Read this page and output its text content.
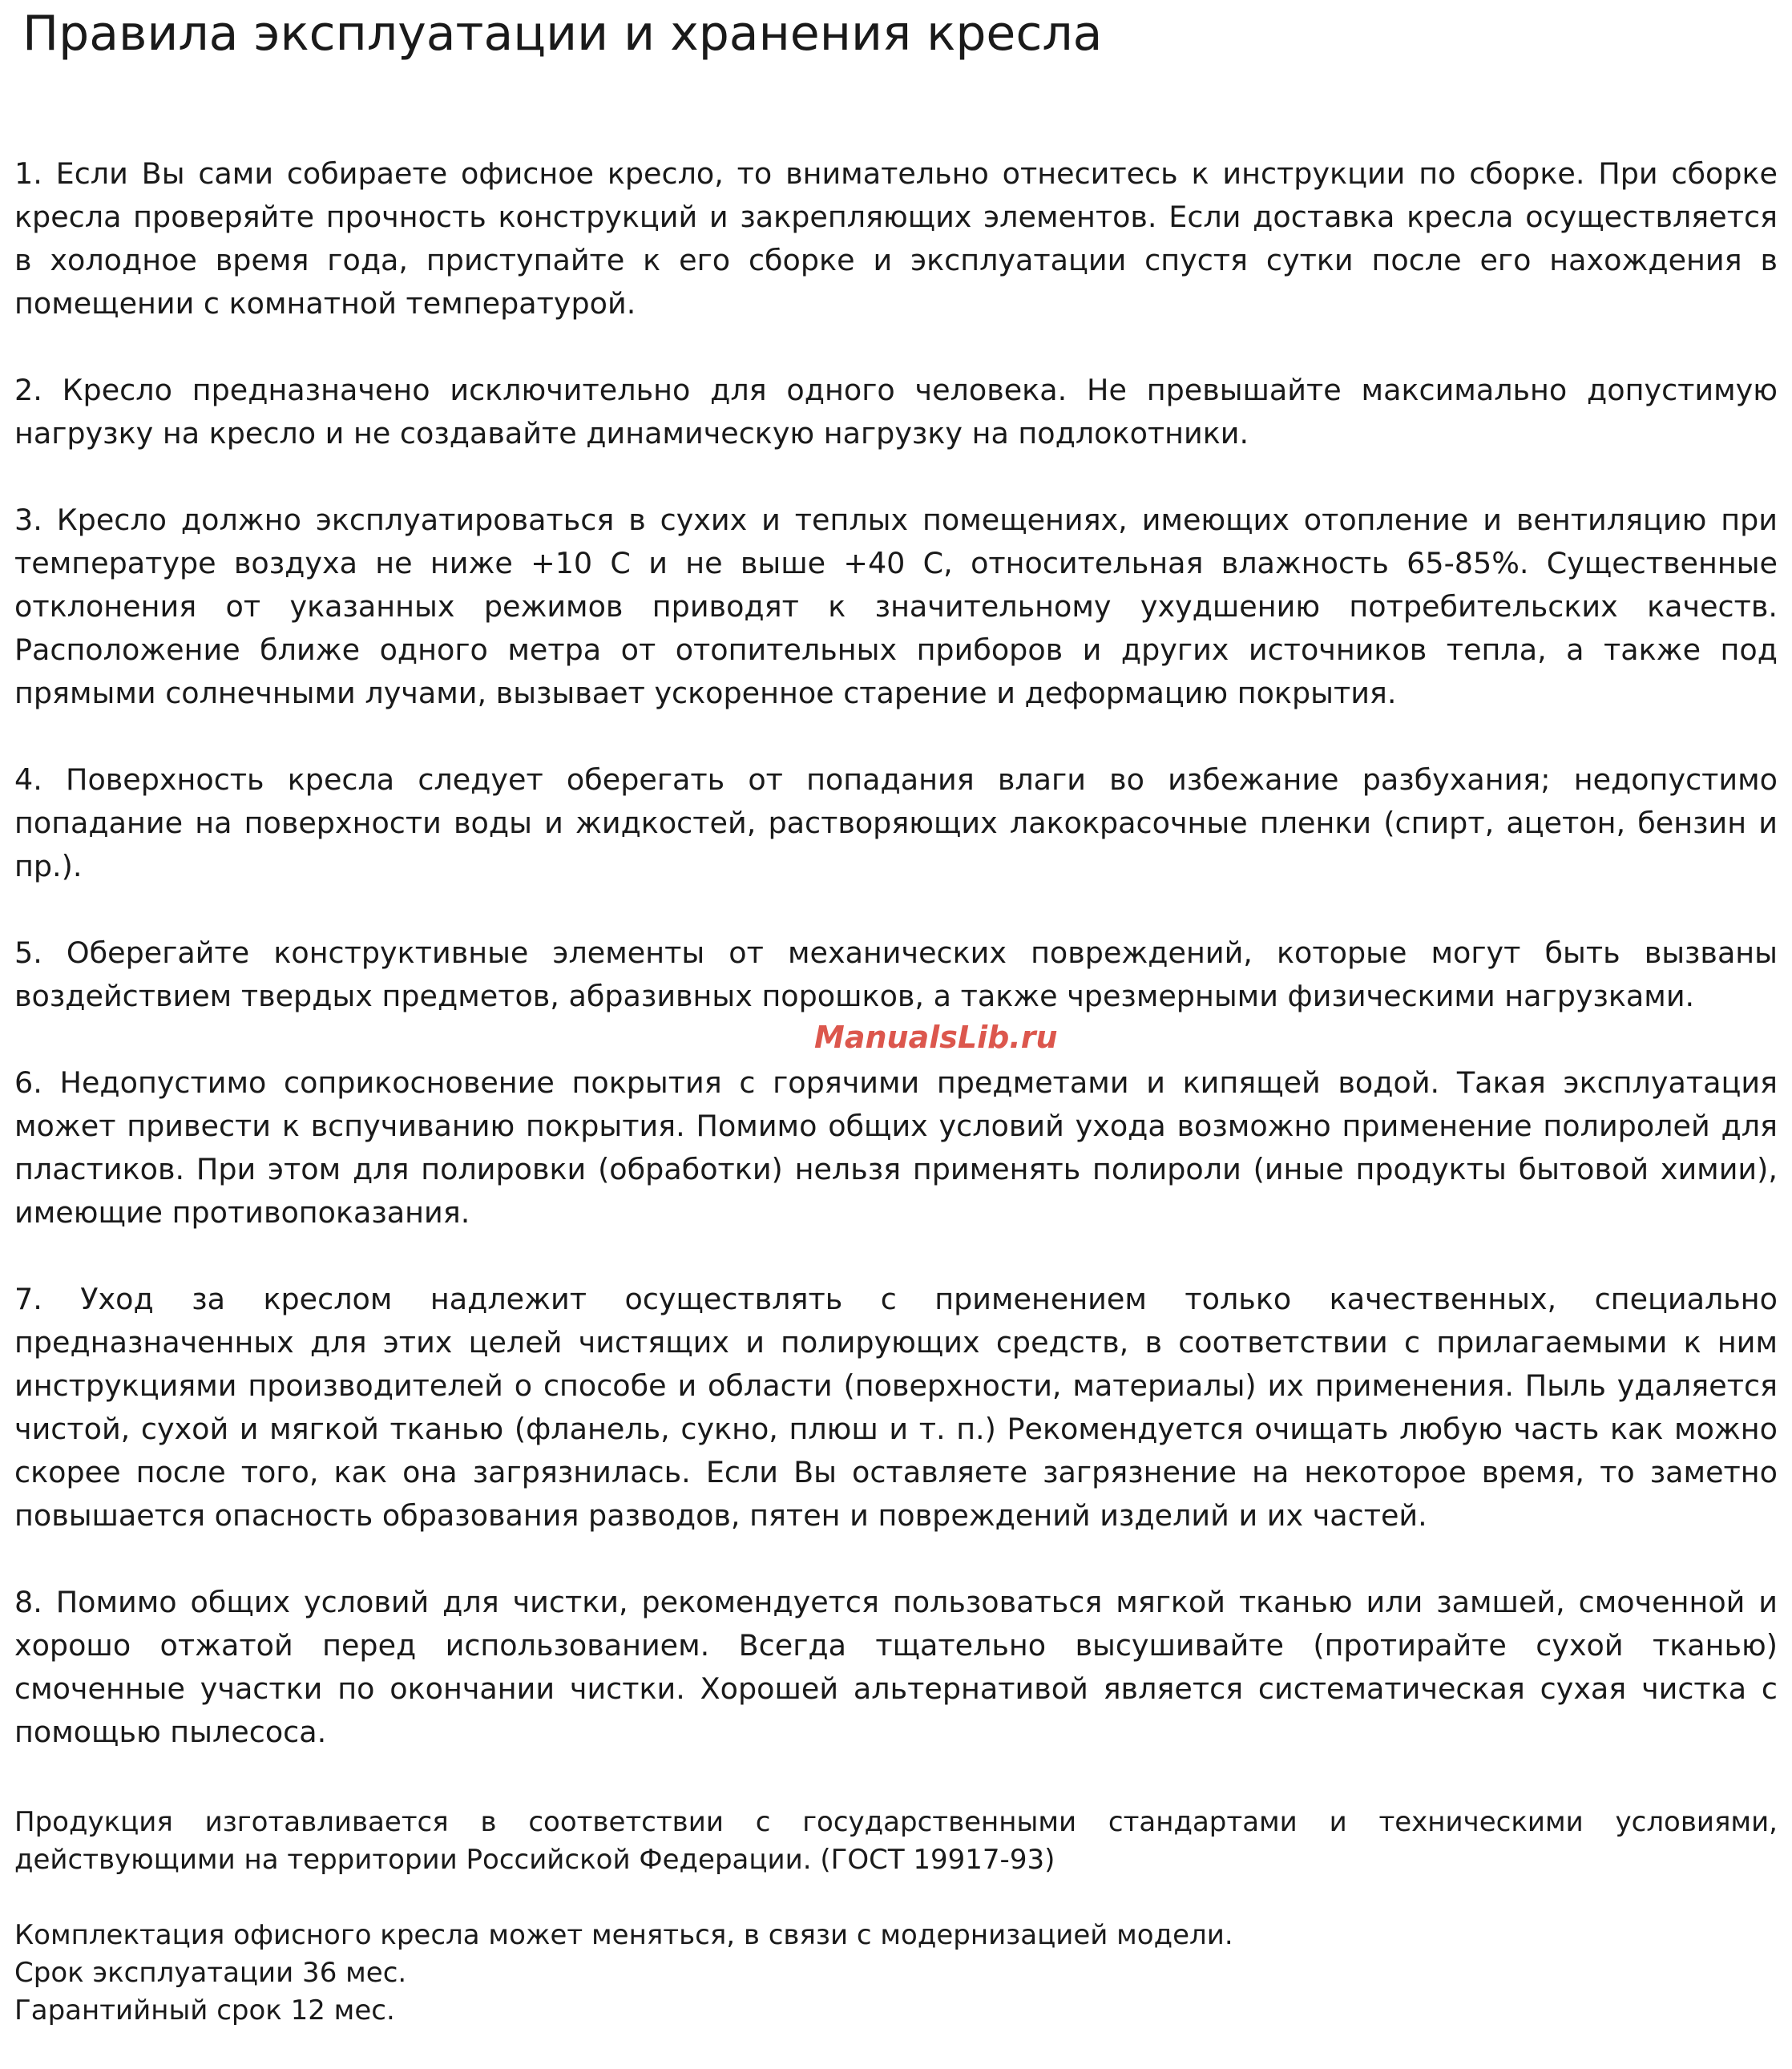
Правила эксплуатации и хранения кресла

1. Если Вы сами собираете офисное кресло, то внимательно отнеситесь к инструкции по сборке. При сборке кресла проверяйте прочность конструкций и закрепляющих элементов. Если доставка кресла осуществляется в холодное время года, приступайте к его сборке и эксплуатации спустя сутки после его нахождения в помещении с комнатной температурой.

2. Кресло предназначено исключительно для одного человека. Не превышайте максимально допустимую нагрузку на кресло и не создавайте динамическую нагрузку на подлокотники.

3. Кресло должно эксплуатироваться в сухих и теплых помещениях, имеющих отопление и вентиляцию при температуре воздуха не ниже +10 С и не выше +40 С, относительная влажность 65-85%. Существенные отклонения от указанных режимов приводят к значительному ухудшению потребительских качеств. Расположение ближе одного метра от отопительных приборов и других источников тепла, а также под прямыми солнечными лучами, вызывает ускоренное старение и деформацию покрытия.

4. Поверхность кресла следует оберегать от попадания влаги во избежание разбухания; недопустимо попадание на поверхности воды и жидкостей, растворяющих лакокрасочные пленки (спирт, ацетон, бензин и пр.).

5. Оберегайте конструктивные элементы от механических повреждений, которые могут быть вызваны воздействием твердых предметов, абразивных порошков, а также чрезмерными физическими нагрузками.

6. Недопустимо соприкосновение покрытия с горячими предметами и кипящей водой. Такая эксплуатация может привести к вспучиванию покрытия. Помимо общих условий ухода возможно применение полиролей для пластиков. При этом для полировки (обработки) нельзя применять полироли (иные продукты бытовой химии), имеющие противопоказания.

7. Уход за креслом надлежит осуществлять с применением только качественных, специально предназначенных для этих целей чистящих и полирующих средств, в соответствии с прилагаемыми к ним инструкциями производителей о способе и области (поверхности, материалы) их применения. Пыль удаляется чистой, сухой и мягкой тканью (фланель, сукно, плюш и т. п.) Рекомендуется очищать любую часть как можно скорее после того, как она загрязнилась. Если Вы оставляете загрязнение на некоторое время, то заметно повышается опасность образования разводов, пятен и повреждений изделий и их частей.

8. Помимо общих условий для чистки, рекомендуется пользоваться мягкой тканью или замшей, смоченной и хорошо отжатой перед использованием. Всегда тщательно высушивайте (протирайте сухой тканью) смоченные участки по окончании чистки. Хорошей альтернативой является систематическая сухая чистка с помощью пылесоса.

Продукция изготавливается в соответствии с государственными стандартами и техническими условиями, действующими на территории Российской Федерации. (ГОСТ 19917-93)

Комплектация офисного кресла может меняться, в связи с модернизацией модели.

Срок эксплуатации 36 мес.

Гарантийный срок 12 мес.

ManualsLib.ru
